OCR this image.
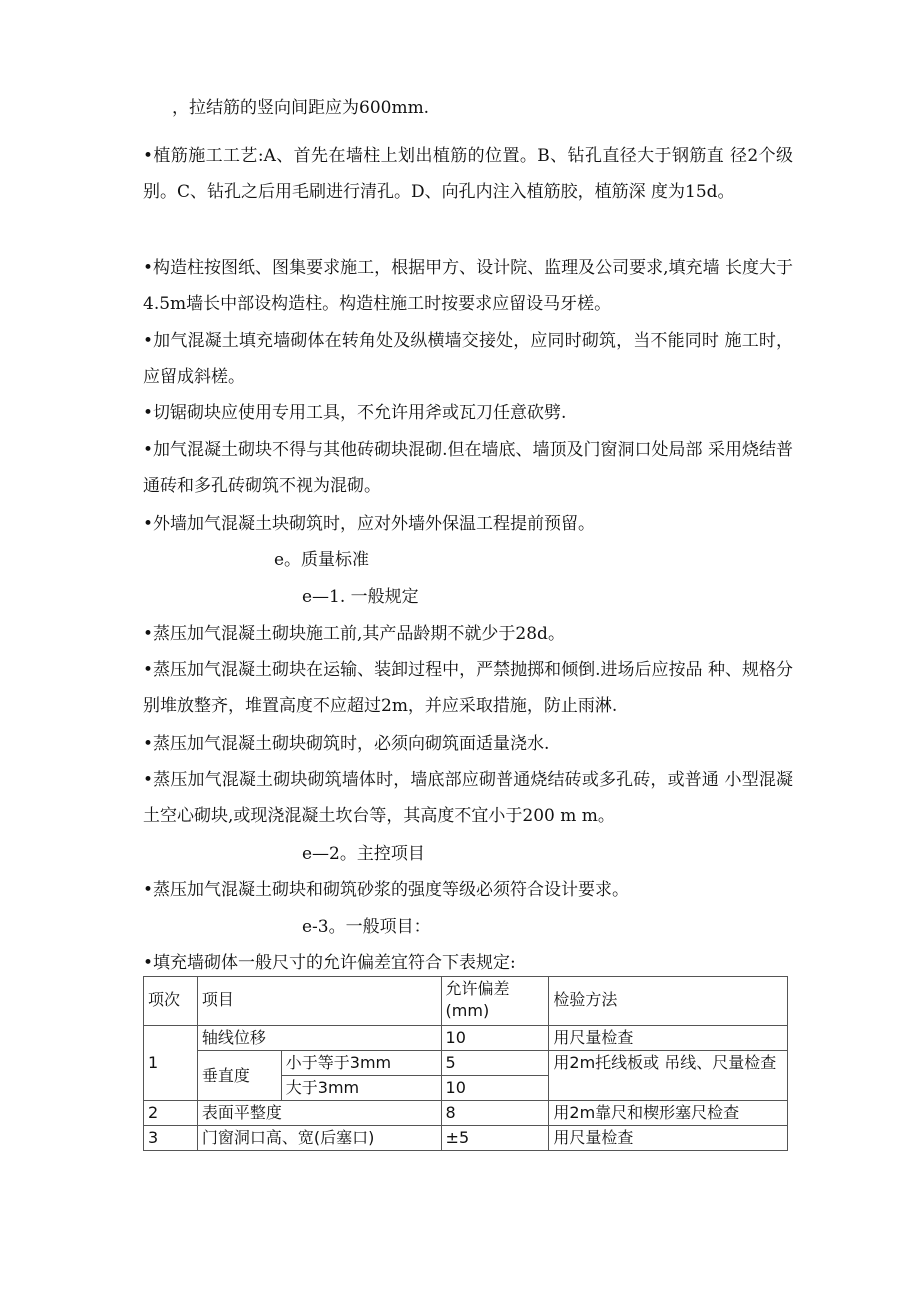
，拉结筋的竖向间距应为600mm.
•植筋施工工艺:A、首先在墙柱上划出植筋的位置。B、钻孔直径大于钢筋直 径2个级别。C、钻孔之后用毛刷进行清孔。D、向孔内注入植筋胶，植筋深 度为15d。
•构造柱按图纸、图集要求施工，根据甲方、设计院、监理及公司要求,填充墙 长度大于4.5m墙长中部设构造柱。构造柱施工时按要求应留设马牙槎。
•加气混凝土填充墙砌体在转角处及纵横墙交接处，应同时砌筑，当不能同时 施工时，应留成斜槎。
•切锯砌块应使用专用工具，不允许用斧或瓦刀任意砍劈.
•加气混凝土砌块不得与其他砖砌块混砌.但在墙底、墙顶及门窗洞口处局部 采用烧结普通砖和多孔砖砌筑不视为混砌。
•外墙加气混凝土块砌筑时，应对外墙外保温工程提前预留。
e。质量标准
e—1. 一般规定
•蒸压加气混凝土砌块施工前,其产品龄期不就少于28d。
•蒸压加气混凝土砌块在运输、装卸过程中，严禁抛掷和倾倒.进场后应按品 种、规格分别堆放整齐，堆置高度不应超过2m，并应采取措施，防止雨淋.
•蒸压加气混凝土砌块砌筑时，必须向砌筑面适量浇水.
•蒸压加气混凝土砌块砌筑墙体时，墙底部应砌普通烧结砖或多孔砖，或普通 小型混凝土空心砌块,或现浇混凝土坎台等，其高度不宜小于200 m m。
e—2。主控项目
•蒸压加气混凝土砌块和砌筑砂浆的强度等级必须符合设计要求。
e-3。一般项目：
•填充墙砌体一般尺寸的允许偏差宜符合下表规定:
项次	项目		允许偏差(mm)	检验方法
1	轴线位移		10	用尺量检查
	垂直度	小于等于3mm	5	用2m托线板或 吊线、尺量检查
		大于3mm	10	
2	表面平整度		8	用2m靠尺和楔形塞尺检查
3	门窗洞口高、宽(后塞口)		±5	用尺量检查
